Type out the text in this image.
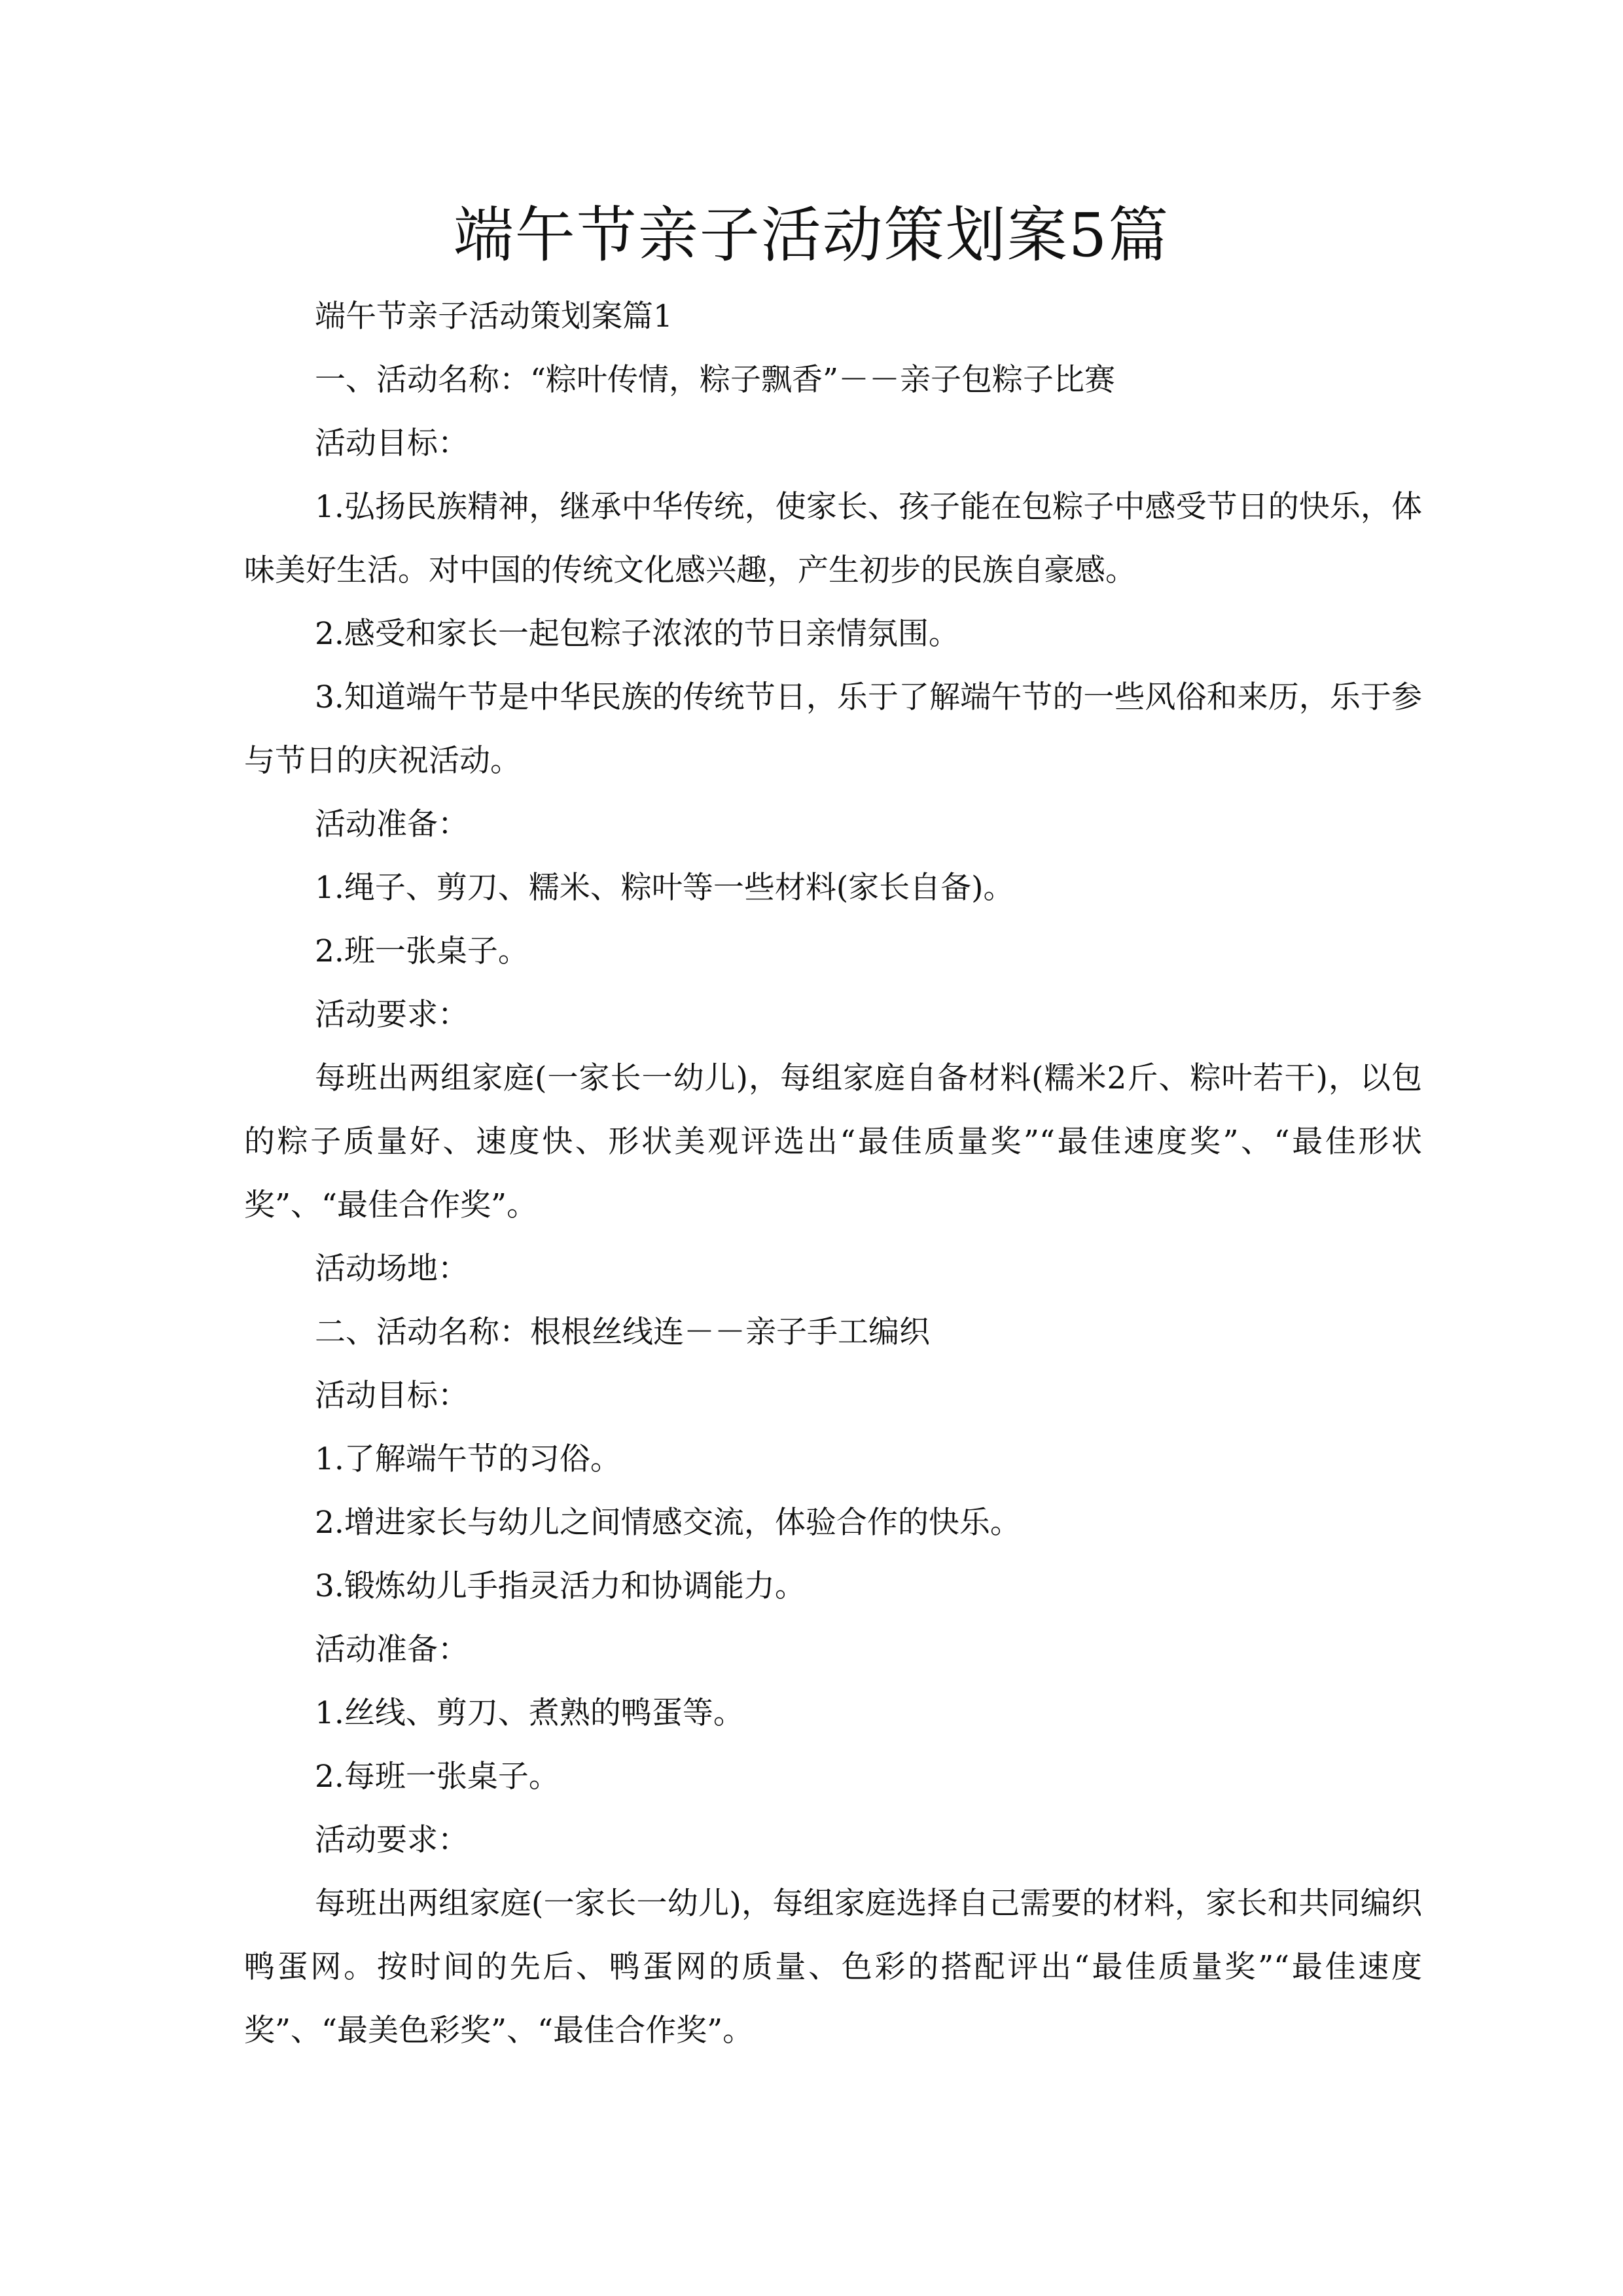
端午节亲子活动策划案5篇

端午节亲子活动策划案篇1

一、活动名称：“粽叶传情，粽子飘香”－－亲子包粽子比赛

活动目标：

1.弘扬民族精神，继承中华传统，使家长、孩子能在包粽子中感受节日的快乐，体味美好生活。对中国的传统文化感兴趣，产生初步的民族自豪感。

2.感受和家长一起包粽子浓浓的节日亲情氛围。

3.知道端午节是中华民族的传统节日，乐于了解端午节的一些风俗和来历，乐于参与节日的庆祝活动。

活动准备：

1.绳子、剪刀、糯米、粽叶等一些材料(家长自备)。

2.班一张桌子。

活动要求：

每班出两组家庭(一家长一幼儿)，每组家庭自备材料(糯米2斤、粽叶若干)，以包的粽子质量好、速度快、形状美观评选出“最佳质量奖”“最佳速度奖”、“最佳形状奖”、“最佳合作奖”。

活动场地：

二、活动名称：根根丝线连－－亲子手工编织

活动目标：

1.了解端午节的习俗。

2.增进家长与幼儿之间情感交流，体验合作的快乐。

3.锻炼幼儿手指灵活力和协调能力。

活动准备：

1.丝线、剪刀、煮熟的鸭蛋等。

2.每班一张桌子。

活动要求：

每班出两组家庭(一家长一幼儿)，每组家庭选择自己需要的材料，家长和共同编织鸭蛋网。按时间的先后、鸭蛋网的质量、色彩的搭配评出“最佳质量奖”“最佳速度奖”、“最美色彩奖”、“最佳合作奖”。
